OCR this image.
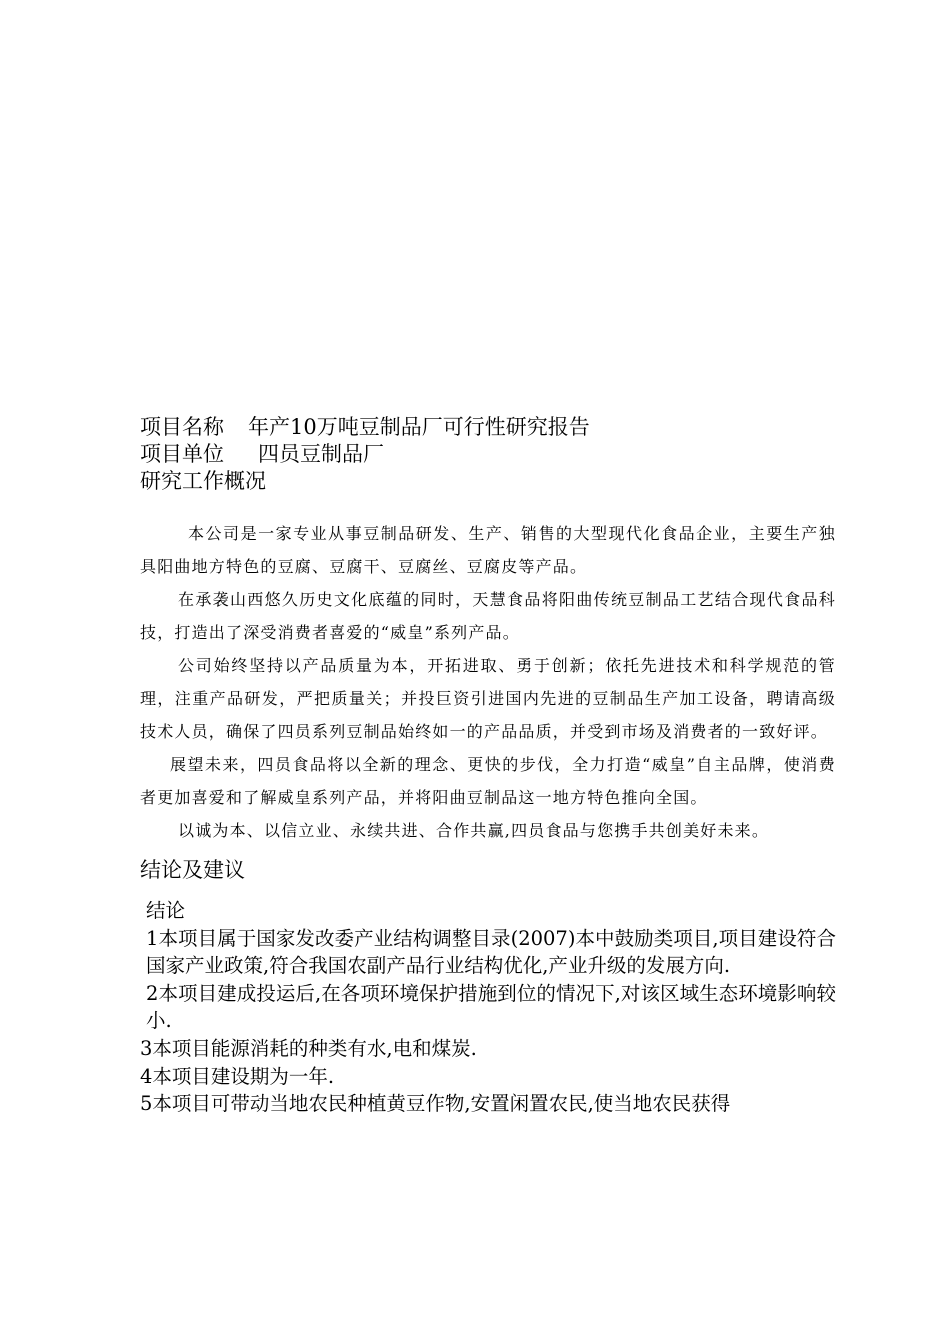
项目名称 年产10万吨豆制品厂可行性研究报告
项目单位 四员豆制品厂
研究工作概况

本公司是一家专业从事豆制品研发、生产、销售的大型现代化食品企业，主要生产独具阳曲地方特色的豆腐、豆腐干、豆腐丝、豆腐皮等产品。

在承袭山西悠久历史文化底蕴的同时，天慧食品将阳曲传统豆制品工艺结合现代食品科技，打造出了深受消费者喜爱的“威皇”系列产品。

公司始终坚持以产品质量为本，开拓进取、勇于创新；依托先进技术和科学规范的管理，注重产品研发，严把质量关；并投巨资引进国内先进的豆制品生产加工设备，聘请高级技术人员，确保了四员系列豆制品始终如一的产品品质，并受到市场及消费者的一致好评。

展望未来，四员食品将以全新的理念、更快的步伐，全力打造“威皇”自主品牌，使消费者更加喜爱和了解威皇系列产品，并将阳曲豆制品这一地方特色推向全国。

以诚为本、以信立业、永续共进、合作共赢,四员食品与您携手共创美好未来。

结论及建议
结论
1本项目属于国家发改委产业结构调整目录(2007)本中鼓励类项目,项目建设符合国家产业政策,符合我国农副产品行业结构优化,产业升级的发展方向.
2本项目建成投运后,在各项环境保护措施到位的情况下,对该区域生态环境影响较小.
3本项目能源消耗的种类有水,电和煤炭.
4本项目建设期为一年.
5本项目可带动当地农民种植黄豆作物,安置闲置农民,使当地农民获得
